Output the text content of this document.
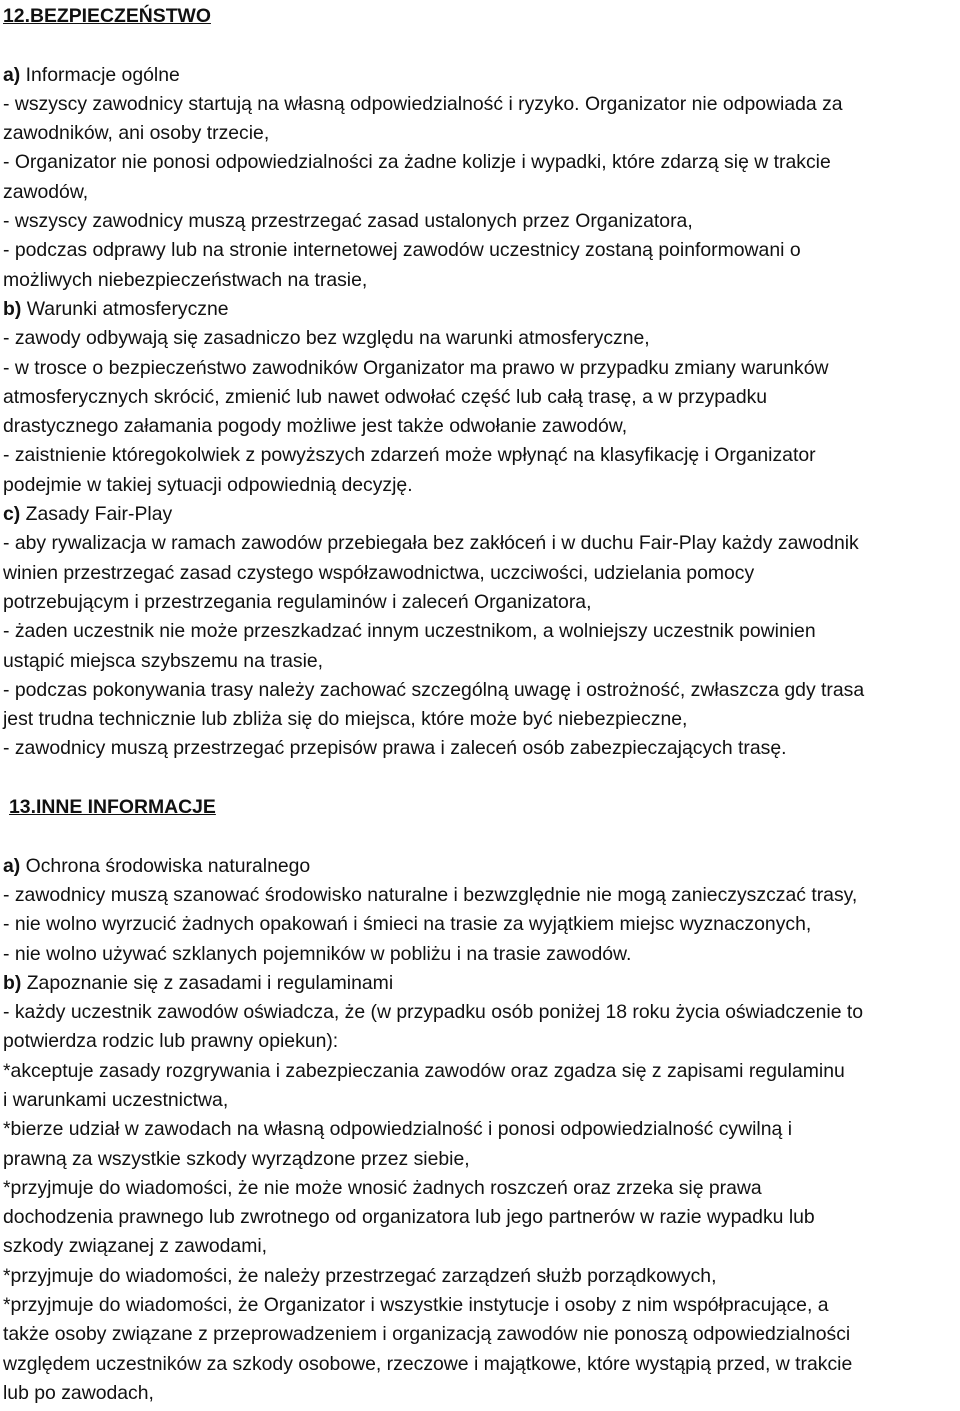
12.BEZPIECZEŃSTWO
a) Informacje ogólne
- wszyscy zawodnicy startują na własną odpowiedzialność i ryzyko. Organizator nie odpowiada za
zawodników, ani osoby trzecie,
- Organizator nie ponosi odpowiedzialności za żadne kolizje i wypadki, które zdarzą się w trakcie
zawodów,
- wszyscy zawodnicy muszą przestrzegać zasad ustalonych przez Organizatora,
- podczas odprawy lub na stronie internetowej zawodów uczestnicy zostaną poinformowani o
możliwych niebezpieczeństwach na trasie,
b) Warunki atmosferyczne
- zawody odbywają się zasadniczo bez względu na warunki atmosferyczne,
- w trosce o bezpieczeństwo zawodników Organizator ma prawo w przypadku zmiany warunków
atmosferycznych skrócić, zmienić lub nawet odwołać część lub całą trasę, a w przypadku
drastycznego załamania pogody możliwe jest także odwołanie zawodów,
- zaistnienie któregokolwiek z powyższych zdarzeń może wpłynąć na klasyfikację i Organizator
podejmie w takiej sytuacji odpowiednią decyzję.
c) Zasady Fair-Play
- aby rywalizacja w ramach zawodów przebiegała bez zakłóceń i w duchu Fair-Play każdy zawodnik
winien przestrzegać zasad czystego współzawodnictwa, uczciwości, udzielania pomocy
potrzebującym i przestrzegania regulaminów i zaleceń Organizatora,
- żaden uczestnik nie może przeszkadzać innym uczestnikom, a wolniejszy uczestnik powinien
ustąpić miejsca szybszemu na trasie,
- podczas pokonywania trasy należy zachować szczególną uwagę i ostrożność, zwłaszcza gdy trasa
jest trudna technicznie lub zbliża się do miejsca, które może być niebezpieczne,
- zawodnicy muszą przestrzegać przepisów prawa i zaleceń osób zabezpieczających trasę.
13.INNE INFORMACJE
a) Ochrona środowiska naturalnego
- zawodnicy muszą szanować środowisko naturalne i bezwzględnie nie mogą zanieczyszczać trasy,
- nie wolno wyrzucić żadnych opakowań i śmieci na trasie za wyjątkiem miejsc wyznaczonych,
- nie wolno używać szklanych pojemników w pobliżu i na trasie zawodów.
b) Zapoznanie się z zasadami i regulaminami
- każdy uczestnik zawodów oświadcza, że (w przypadku osób poniżej 18 roku życia oświadczenie to
potwierdza rodzic lub prawny opiekun):
*akceptuje zasady rozgrywania i zabezpieczania zawodów oraz zgadza się z zapisami regulaminu
i warunkami uczestnictwa,
*bierze udział w zawodach na własną odpowiedzialność i ponosi odpowiedzialność cywilną i
prawną za wszystkie szkody wyrządzone przez siebie,
*przyjmuje do wiadomości, że nie może wnosić żadnych roszczeń oraz zrzeka się prawa
dochodzenia prawnego lub zwrotnego od organizatora lub jego partnerów w razie wypadku lub
szkody związanej z zawodami,
*przyjmuje do wiadomości, że należy przestrzegać zarządzeń służb porządkowych,
*przyjmuje do wiadomości, że Organizator i wszystkie instytucje i osoby z nim współpracujące, a
także osoby związane z przeprowadzeniem i organizacją zawodów nie ponoszą odpowiedzialności
względem uczestników za szkody osobowe, rzeczowe i majątkowe, które wystąpią przed, w trakcie
lub po zawodach,
